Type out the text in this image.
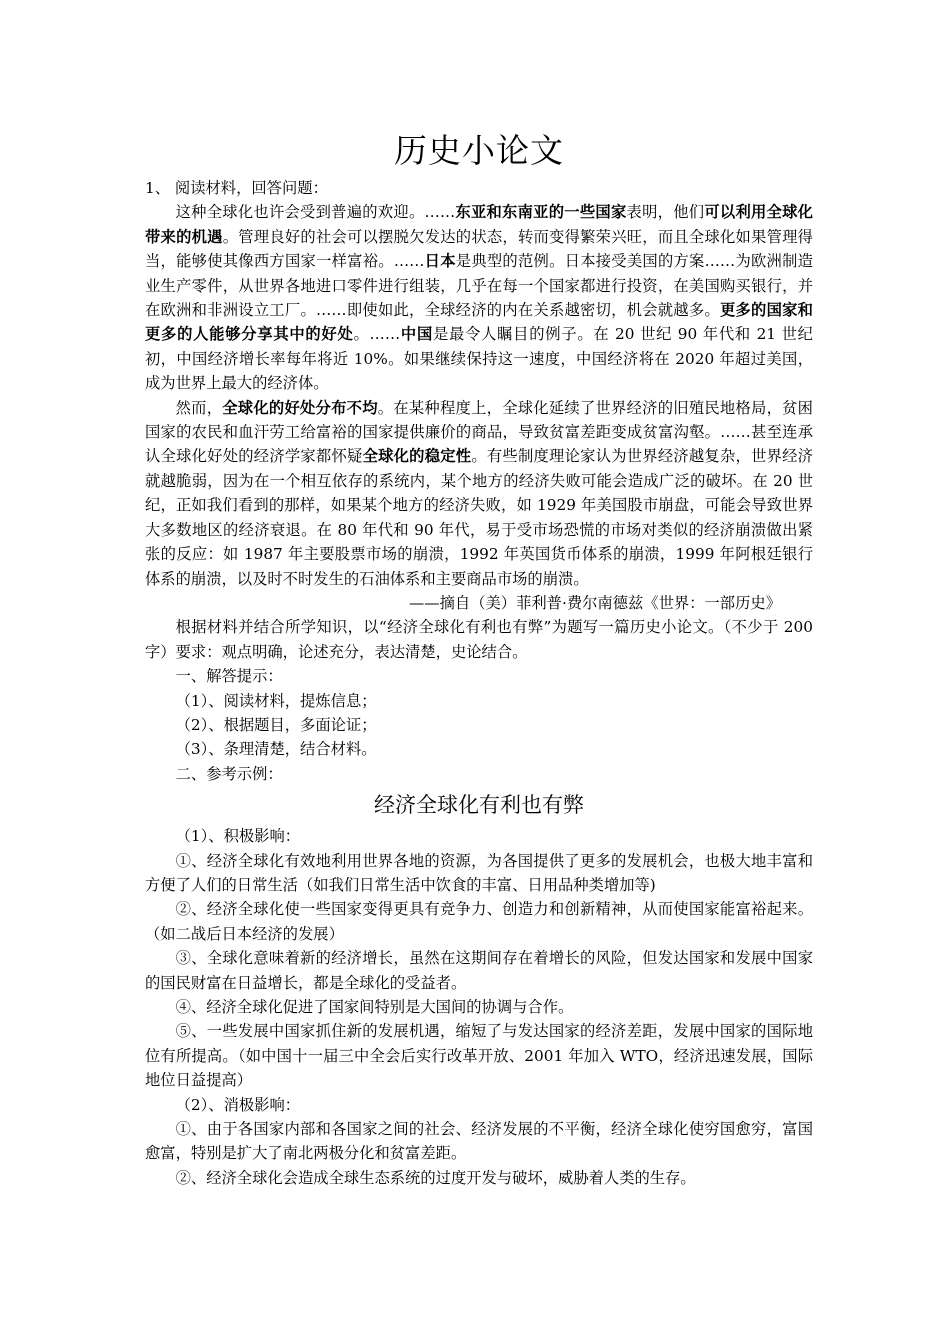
历史小论文

1、 阅读材料，回答问题：

这种全球化也许会受到普遍的欢迎。……东亚和东南亚的一些国家表明，他们可以利用全球化带来的机遇。管理良好的社会可以摆脱欠发达的状态，转而变得繁荣兴旺，而且全球化如果管理得当，能够使其像西方国家一样富裕。……日本是典型的范例。日本接受美国的方案……为欧洲制造业生产零件，从世界各地进口零件进行组装，几乎在每一个国家都进行投资，在美国购买银行，并在欧洲和非洲设立工厂。……即使如此，全球经济的内在关系越密切，机会就越多。更多的国家和更多的人能够分享其中的好处。……中国是最令人瞩目的例子。在 20 世纪 90 年代和 21 世纪初，中国经济增长率每年将近 10%。如果继续保持这一速度，中国经济将在 2020 年超过美国，成为世界上最大的经济体。

然而，全球化的好处分布不均。在某种程度上，全球化延续了世界经济的旧殖民地格局，贫困国家的农民和血汗劳工给富裕的国家提供廉价的商品，导致贫富差距变成贫富沟壑。……甚至连承认全球化好处的经济学家都怀疑全球化的稳定性。有些制度理论家认为世界经济越复杂，世界经济就越脆弱，因为在一个相互依存的系统内，某个地方的经济失败可能会造成广泛的破坏。在 20 世纪，正如我们看到的那样，如果某个地方的经济失败，如 1929 年美国股市崩盘，可能会导致世界大多数地区的经济衰退。在 80 年代和 90 年代，易于受市场恐慌的市场对类似的经济崩溃做出紧张的反应：如 1987 年主要股票市场的崩溃，1992 年英国货币体系的崩溃，1999 年阿根廷银行体系的崩溃，以及时不时发生的石油体系和主要商品市场的崩溃。

——摘自（美）菲利普·费尔南德兹《世界：一部历史》

根据材料并结合所学知识，以“经济全球化有利也有弊”为题写一篇历史小论文。（不少于 200 字）要求：观点明确，论述充分，表达清楚，史论结合。

一、解答提示：

（1）、阅读材料，提炼信息；

（2）、根据题目，多面论证；

（3）、条理清楚，结合材料。

二、参考示例：

经济全球化有利也有弊

（1）、积极影响：

①、经济全球化有效地利用世界各地的资源，为各国提供了更多的发展机会，也极大地丰富和方便了人们的日常生活（如我们日常生活中饮食的丰富、日用品种类增加等)

②、经济全球化使一些国家变得更具有竞争力、创造力和创新精神，从而使国家能富裕起来。（如二战后日本经济的发展）

③、全球化意味着新的经济增长，虽然在这期间存在着增长的风险，但发达国家和发展中国家的国民财富在日益增长，都是全球化的受益者。

④、经济全球化促进了国家间特别是大国间的协调与合作。

⑤、一些发展中国家抓住新的发展机遇，缩短了与发达国家的经济差距，发展中国家的国际地位有所提高。（如中国十一届三中全会后实行改革开放、2001 年加入 WTO，经济迅速发展，国际地位日益提高）

（2）、消极影响：

①、由于各国家内部和各国家之间的社会、经济发展的不平衡，经济全球化使穷国愈穷，富国愈富，特别是扩大了南北两极分化和贫富差距。

②、经济全球化会造成全球生态系统的过度开发与破坏，威胁着人类的生存。
